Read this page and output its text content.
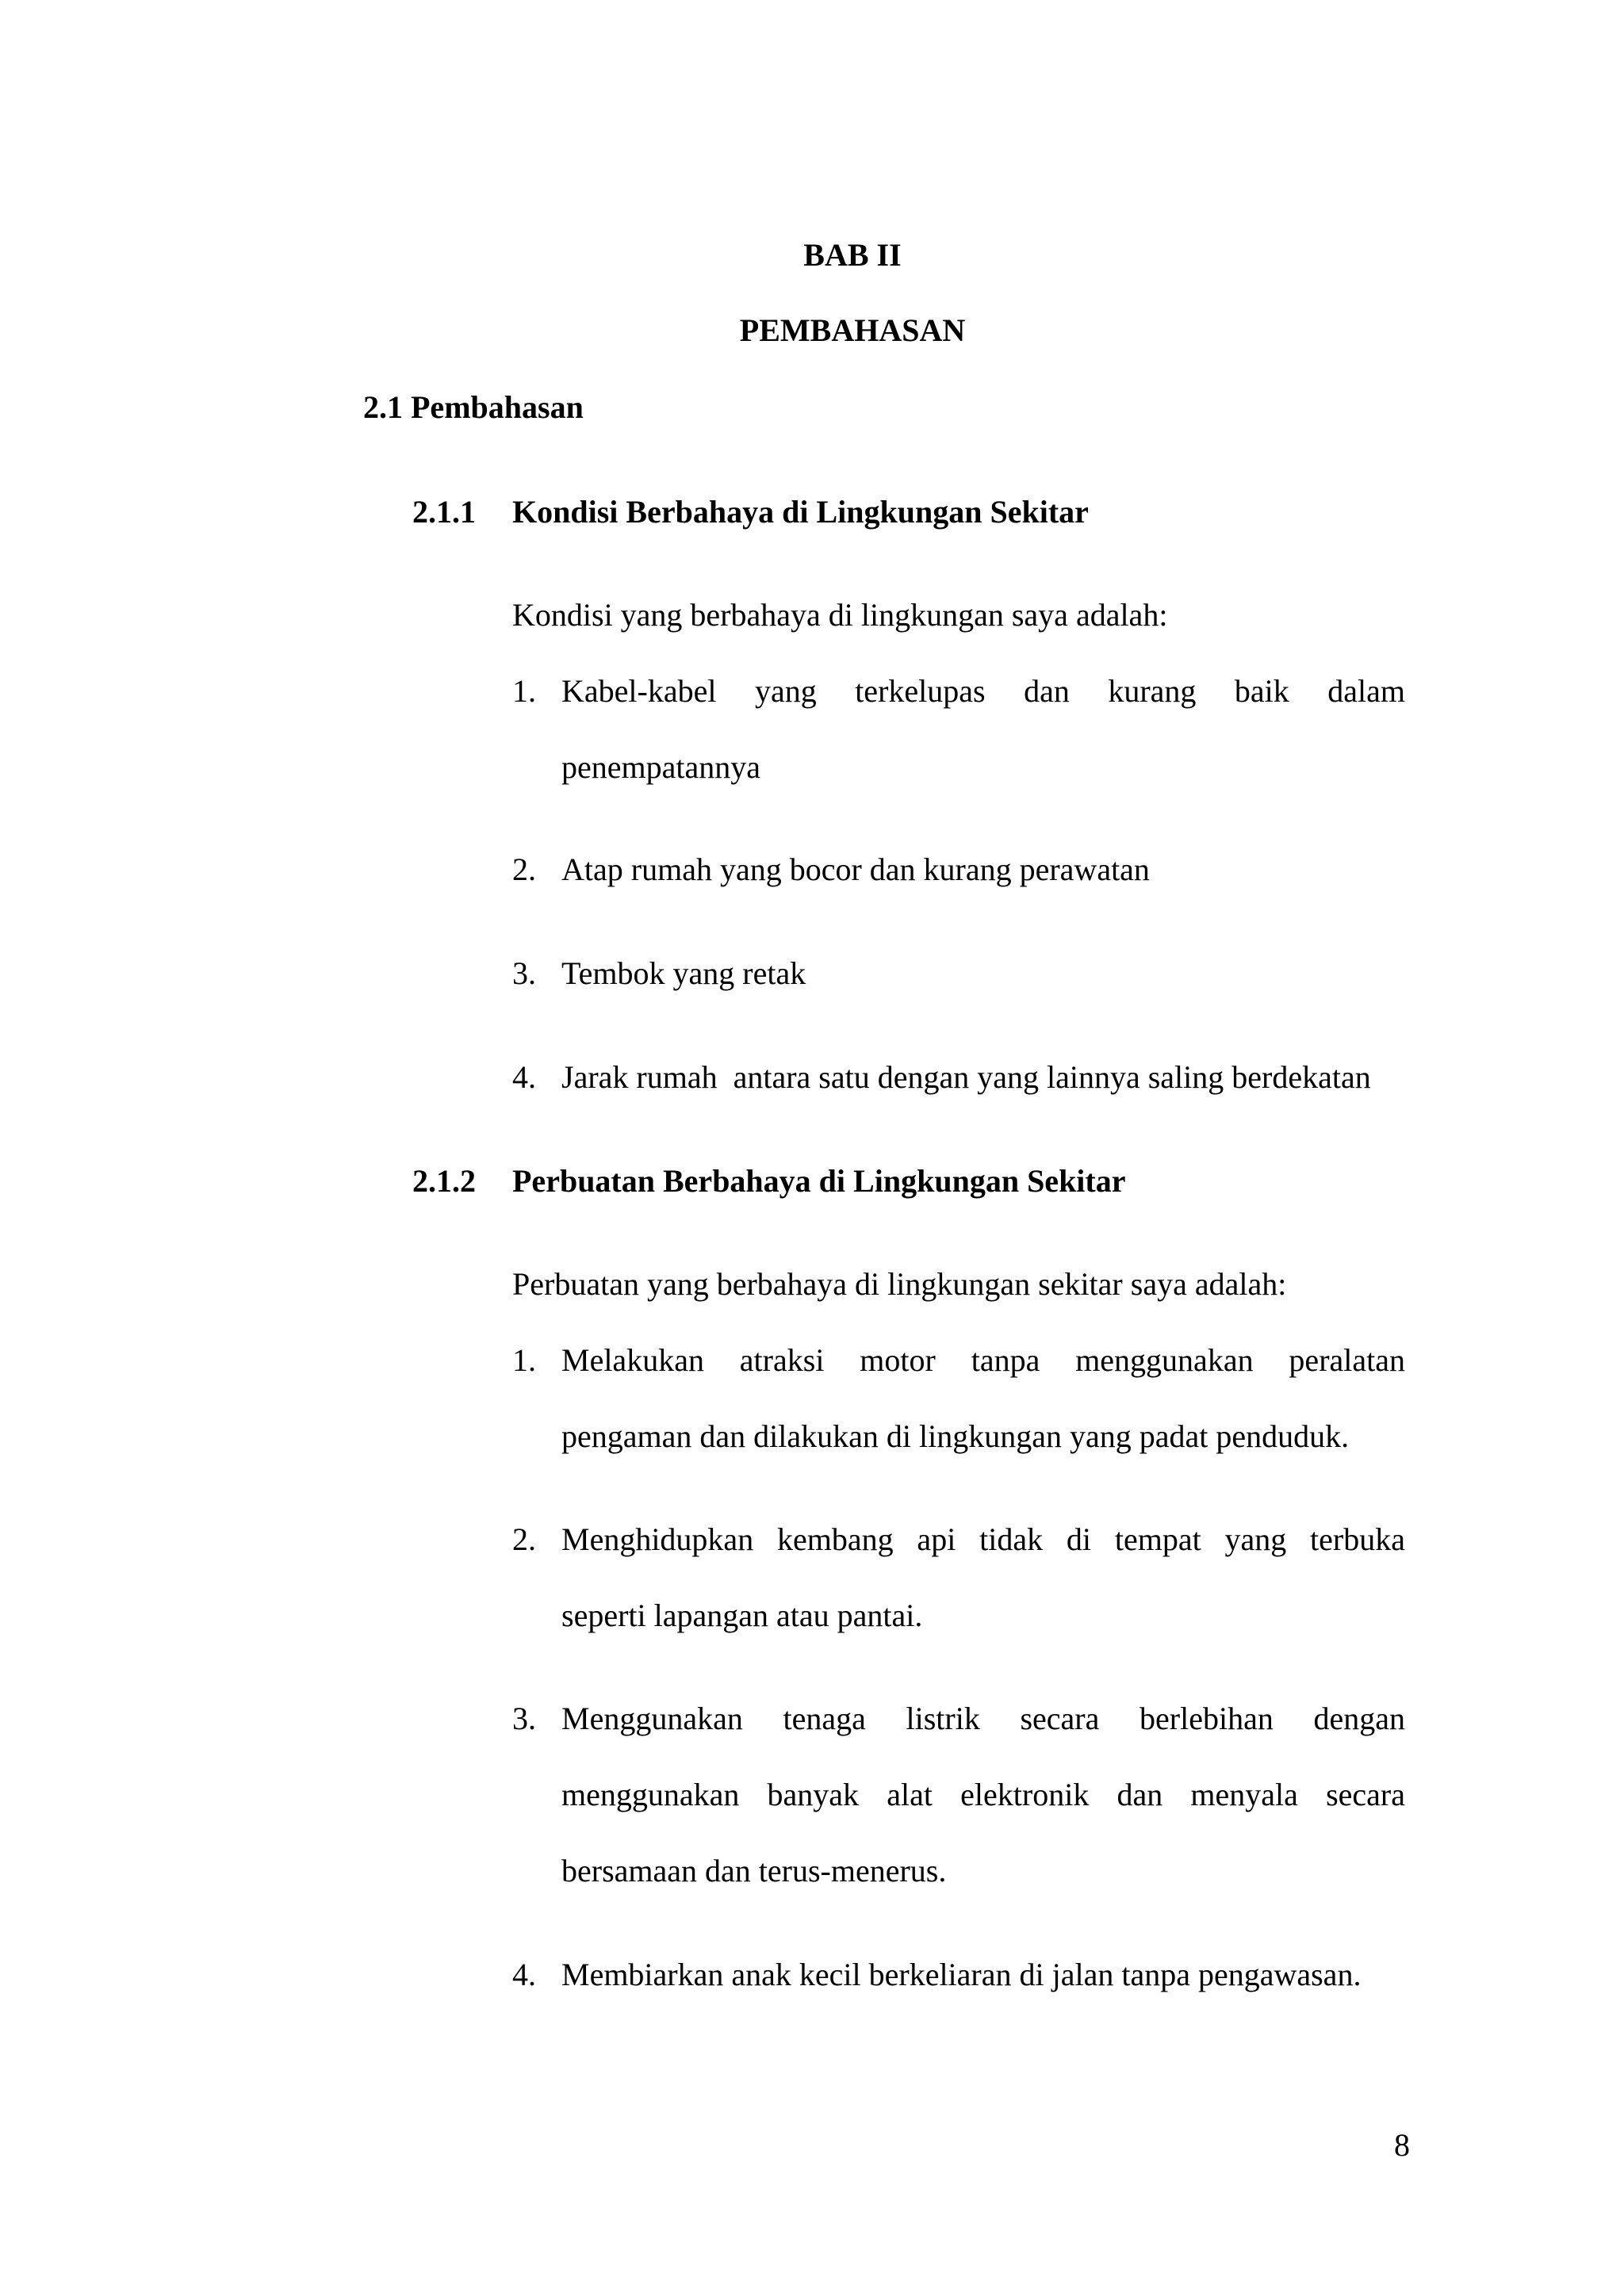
BAB II
PEMBAHASAN
2.1 Pembahasan
2.1.1 Kondisi Berbahaya di Lingkungan Sekitar
Kondisi yang berbahaya di lingkungan saya adalah:
1. Kabel-kabel yang terkelupas dan kurang baik dalam
penempatannya
2. Atap rumah yang bocor dan kurang perawatan
3. Tembok yang retak
4. Jarak rumah  antara satu dengan yang lainnya saling berdekatan
2.1.2 Perbuatan Berbahaya di Lingkungan Sekitar
Perbuatan yang berbahaya di lingkungan sekitar saya adalah:
1. Melakukan atraksi motor tanpa menggunakan peralatan
pengaman dan dilakukan di lingkungan yang padat penduduk.
2. Menghidupkan kembang api tidak di tempat yang terbuka
seperti lapangan atau pantai.
3. Menggunakan tenaga listrik secara berlebihan dengan
menggunakan banyak alat elektronik dan menyala secara
bersamaan dan terus-menerus.
4. Membiarkan anak kecil berkeliaran di jalan tanpa pengawasan.
8
